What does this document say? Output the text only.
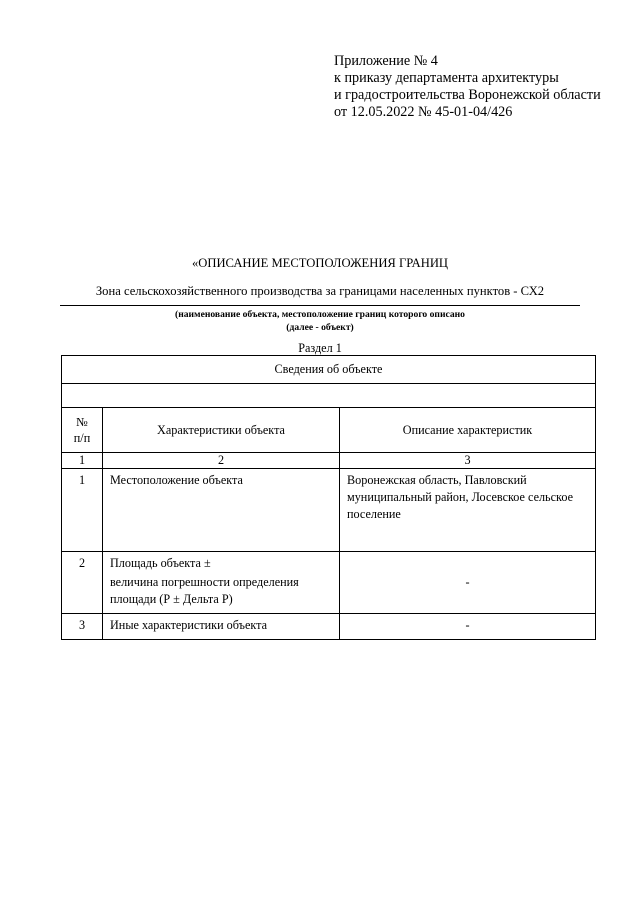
Приложение № 4
к приказу департамента архитектуры
и градостроительства Воронежской области
от 12.05.2022 № 45-01-04/426
«ОПИСАНИЕ МЕСТОПОЛОЖЕНИЯ ГРАНИЦ
Зона сельскохозяйственного производства за границами населенных пунктов - СХ2
(наименование объекта, местоположение границ которого описано
(далее - объект)
Раздел 1
Сведения об объекте		

№
п/п	Характеристики объекта	Описание характеристик
1	2	3
1	Местоположение объекта	Воронежская область, Павловский муниципальный район, Лосевское сельское поселение
2	Площадь объекта ±
величина погрешности определения площади (Р ± Дельта Р)	-
3	Иные характеристики объекта	-
